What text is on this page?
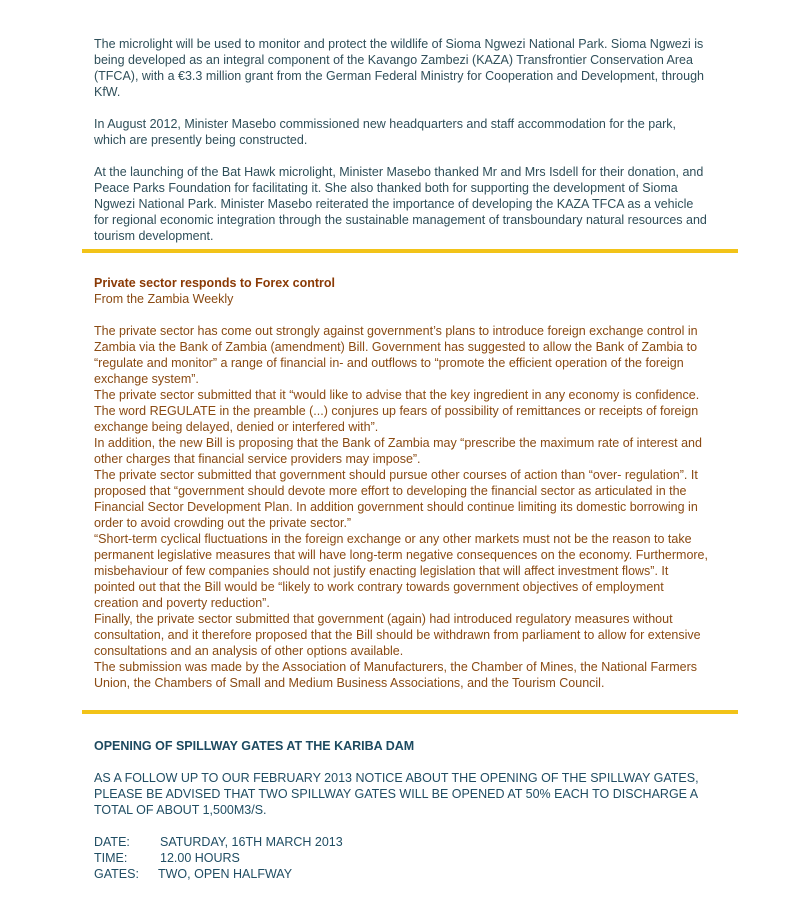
The microlight will be used to monitor and protect the wildlife of Sioma Ngwezi National Park. Sioma Ngwezi is being developed as an integral component of the Kavango Zambezi (KAZA) Transfrontier Conservation Area (TFCA), with a €3.3 million grant from the German Federal Ministry for Cooperation and Development, through KfW.

In August 2012, Minister Masebo commissioned new headquarters and staff accommodation for the park, which are presently being constructed.

At the launching of the Bat Hawk microlight, Minister Masebo thanked Mr and Mrs Isdell for their donation, and Peace Parks Foundation for facilitating it. She also thanked both for supporting the development of Sioma Ngwezi National Park. Minister Masebo reiterated the importance of developing the KAZA TFCA as a vehicle for regional economic integration through the sustainable management of transboundary natural resources and tourism development.

Private sector responds to Forex control

From the Zambia Weekly

The private sector has come out strongly against government’s plans to introduce foreign exchange control in Zambia via the Bank of Zambia (amendment) Bill. Government has suggested to allow the Bank of Zambia to “regulate and monitor” a range of financial in- and outflows to “promote the efficient operation of the foreign exchange system”.

The private sector submitted that it “would like to advise that the key ingredient in any economy is confidence. The word REGULATE in the preamble (...) conjures up fears of possibility of remittances or receipts of foreign exchange being delayed, denied or interfered with”.

In addition, the new Bill is proposing that the Bank of Zambia may “prescribe the maximum rate of interest and other charges that financial service providers may impose”.

The private sector submitted that government should pursue other courses of action than “over- regulation”. It proposed that “government should devote more effort to developing the financial sector as articulated in the Financial Sector Development Plan. In addition government should continue limiting its domestic borrowing in order to avoid crowding out the private sector.”

“Short-term cyclical fluctuations in the foreign exchange or any other markets must not be the reason to take permanent legislative measures that will have long-term negative consequences on the economy. Furthermore, misbehaviour of few companies should not justify enacting legislation that will affect investment flows”. It pointed out that the Bill would be “likely to work contrary towards government objectives of employment creation and poverty reduction”.

Finally, the private sector submitted that government (again) had introduced regulatory measures without consultation, and it therefore proposed that the Bill should be withdrawn from parliament to allow for extensive consultations and an analysis of other options available.

The submission was made by the Association of Manufacturers, the Chamber of Mines, the National Farmers Union, the Chambers of Small and Medium Business Associations, and the Tourism Council.

OPENING OF SPILLWAY GATES AT THE KARIBA DAM

AS A FOLLOW UP TO OUR FEBRUARY 2013 NOTICE ABOUT THE OPENING OF THE SPILLWAY GATES, PLEASE BE ADVISED THAT TWO SPILLWAY GATES WILL BE OPENED AT 50% EACH TO DISCHARGE A TOTAL OF ABOUT 1,500M3/S.

DATE:	SATURDAY, 16TH MARCH 2013
TIME:	12.00 HOURS
GATES:	TWO, OPEN HALFWAY
